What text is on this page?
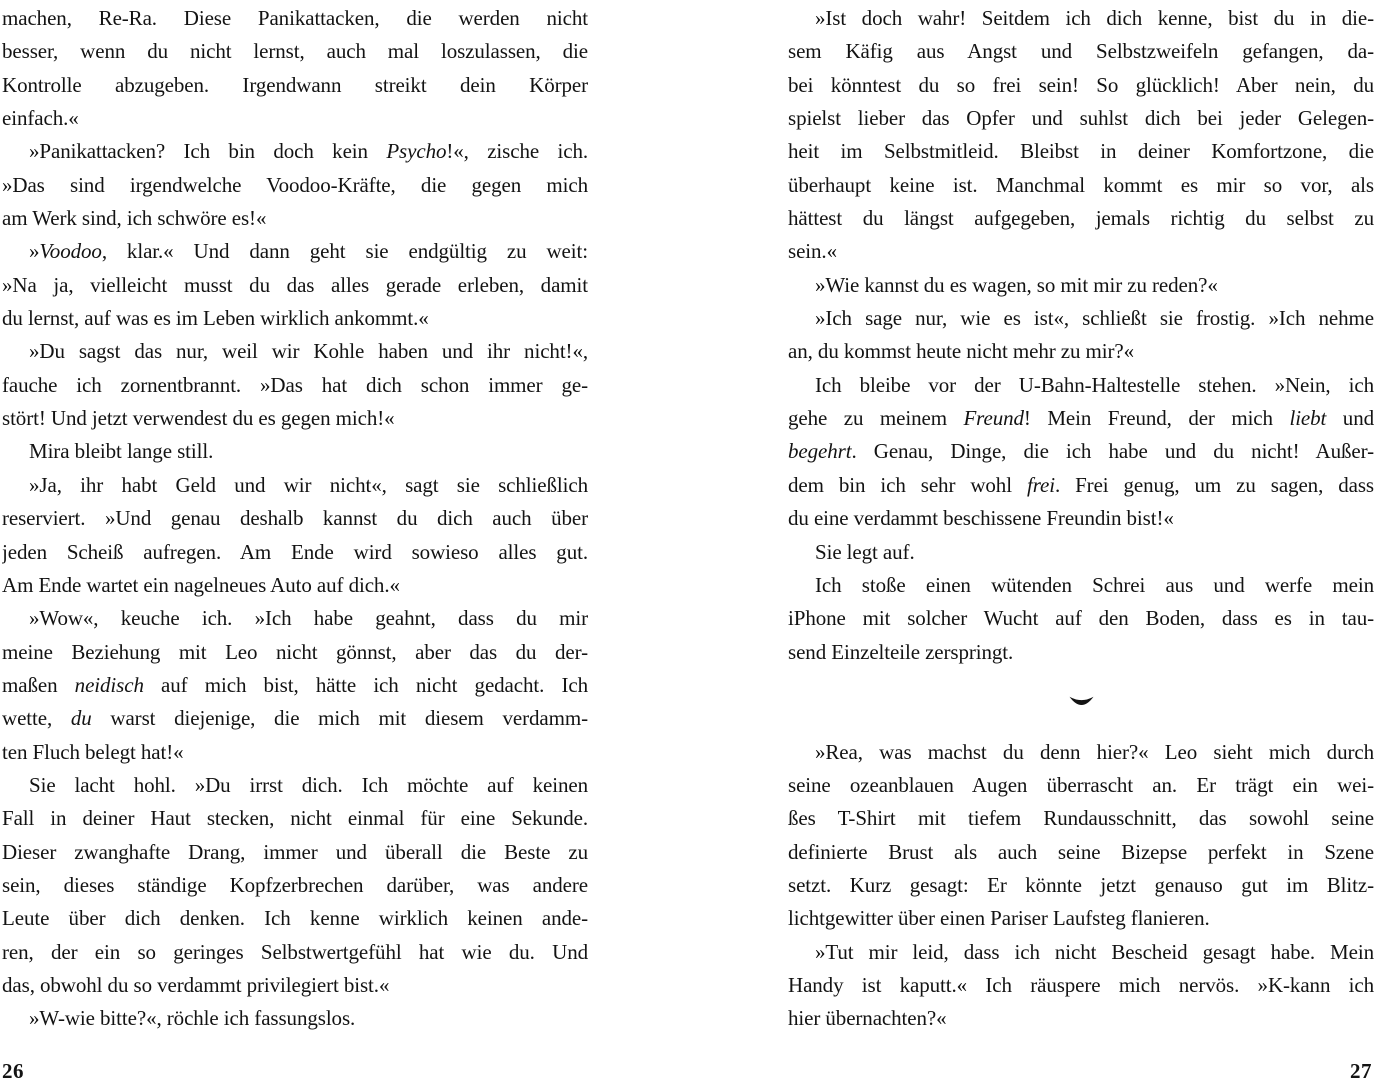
machen, Re-Ra. Diese Panikattacken, die werden nicht
besser, wenn du nicht lernst, auch mal loszulassen, die
Kontrolle abzugeben. Irgendwann streikt dein Körper
einfach.«
»Panikattacken? Ich bin doch kein Psycho!«, zische ich.
»Das sind irgendwelche Voodoo-Kräfte, die gegen mich
am Werk sind, ich schwöre es!«
»Voodoo, klar.« Und dann geht sie endgültig zu weit:
»Na ja, vielleicht musst du das alles gerade erleben, damit
du lernst, auf was es im Leben wirklich ankommt.«
»Du sagst das nur, weil wir Kohle haben und ihr nicht!«,
fauche ich zornentbrannt. »Das hat dich schon immer ge-
stört! Und jetzt verwendest du es gegen mich!«
Mira bleibt lange still.
»Ja, ihr habt Geld und wir nicht«, sagt sie schließlich
reserviert. »Und genau deshalb kannst du dich auch über
jeden Scheiß aufregen. Am Ende wird sowieso alles gut.
Am Ende wartet ein nagelneues Auto auf dich.«
»Wow«, keuche ich. »Ich habe geahnt, dass du mir
meine Beziehung mit Leo nicht gönnst, aber das du der-
maßen neidisch auf mich bist, hätte ich nicht gedacht. Ich
wette, du warst diejenige, die mich mit diesem verdamm-
ten Fluch belegt hat!«
Sie lacht hohl. »Du irrst dich. Ich möchte auf keinen
Fall in deiner Haut stecken, nicht einmal für eine Sekunde.
Dieser zwanghafte Drang, immer und überall die Beste zu
sein, dieses ständige Kopfzerbrechen darüber, was andere
Leute über dich denken. Ich kenne wirklich keinen ande-
ren, der ein so geringes Selbstwertgefühl hat wie du. Und
das, obwohl du so verdammt privilegiert bist.«
»W-wie bitte?«, röchle ich fassungslos.
26
»Ist doch wahr! Seitdem ich dich kenne, bist du in die-
sem Käfig aus Angst und Selbstzweifeln gefangen, da-
bei könntest du so frei sein! So glücklich! Aber nein, du
spielst lieber das Opfer und suhlst dich bei jeder Gelegen-
heit im Selbstmitleid. Bleibst in deiner Komfortzone, die
überhaupt keine ist. Manchmal kommt es mir so vor, als
hättest du längst aufgegeben, jemals richtig du selbst zu
sein.«
»Wie kannst du es wagen, so mit mir zu reden?«
»Ich sage nur, wie es ist«, schließt sie frostig. »Ich nehme
an, du kommst heute nicht mehr zu mir?«
Ich bleibe vor der U-Bahn-Haltestelle stehen. »Nein, ich
gehe zu meinem Freund! Mein Freund, der mich liebt und
begehrt. Genau, Dinge, die ich habe und du nicht! Außer-
dem bin ich sehr wohl frei. Frei genug, um zu sagen, dass
du eine verdammt beschissene Freundin bist!«
Sie legt auf.
Ich stoße einen wütenden Schrei aus und werfe mein
iPhone mit solcher Wucht auf den Boden, dass es in tau-
send Einzelteile zerspringt.
»Rea, was machst du denn hier?« Leo sieht mich durch
seine ozeanblauen Augen überrascht an. Er trägt ein wei-
ßes T-Shirt mit tiefem Rundausschnitt, das sowohl seine
definierte Brust als auch seine Bizepse perfekt in Szene
setzt. Kurz gesagt: Er könnte jetzt genauso gut im Blitz-
lichtgewitter über einen Pariser Laufsteg flanieren.
»Tut mir leid, dass ich nicht Bescheid gesagt habe. Mein
Handy ist kaputt.« Ich räuspere mich nervös. »K-kann ich
hier übernachten?«
27
